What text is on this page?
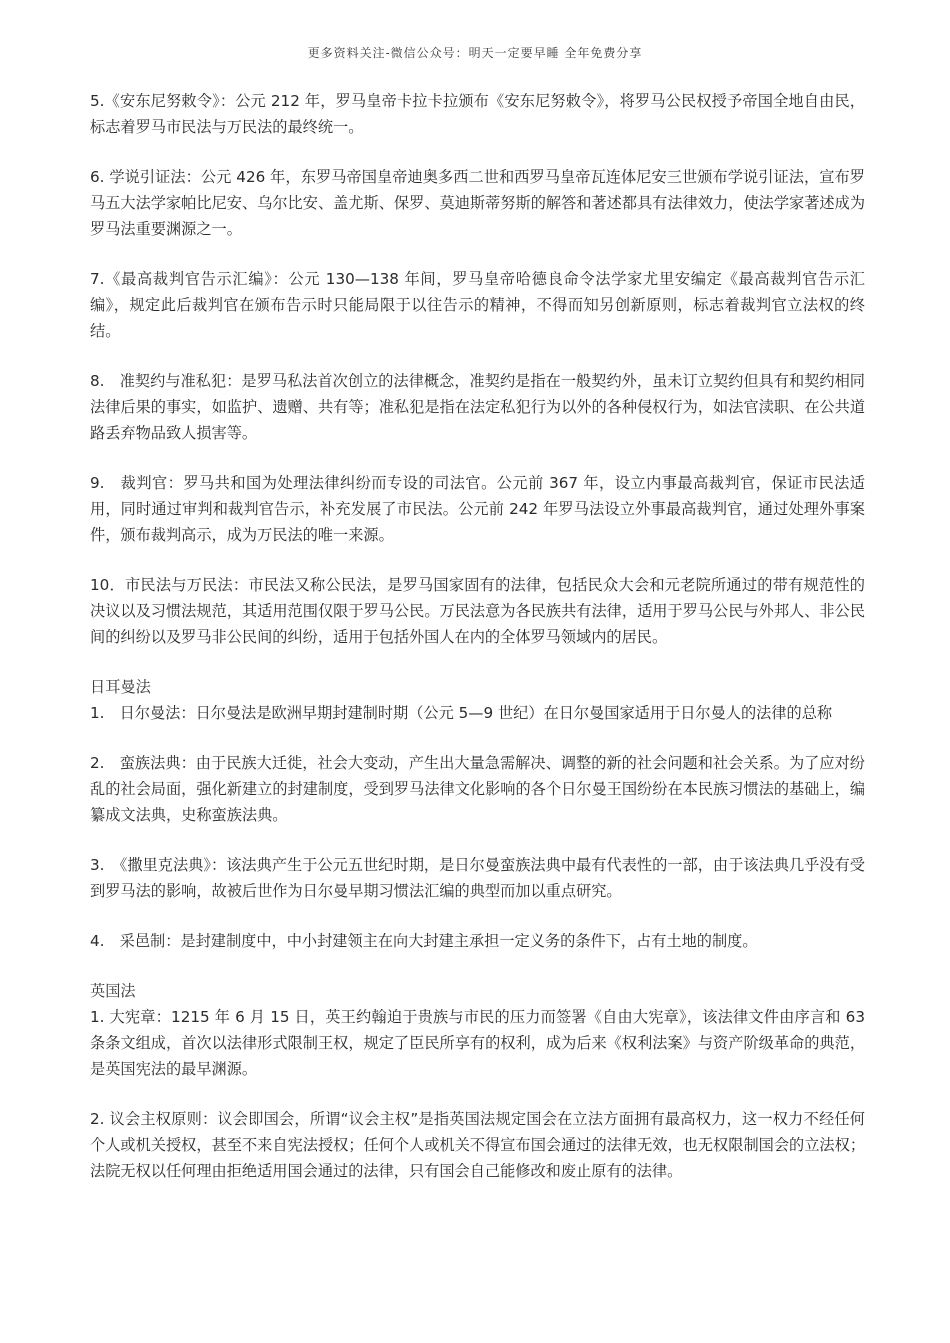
更多资料关注-微信公众号：明天一定要早睡 全年免费分享

5.《安东尼努敕令》：公元 212 年，罗马皇帝卡拉卡拉颁布《安东尼努敕令》，将罗马公民权授予帝国全地自由民，标志着罗马市民法与万民法的最终统一。

6. 学说引证法：公元 426 年，东罗马帝国皇帝迪奥多西二世和西罗马皇帝瓦连体尼安三世颁布学说引证法，宣布罗马五大法学家帕比尼安、乌尔比安、盖尤斯、保罗、莫迪斯蒂努斯的解答和著述都具有法律效力，使法学家著述成为罗马法重要渊源之一。

7.《最高裁判官告示汇编》：公元 130—138 年间，罗马皇帝哈德良命令法学家尤里安编定《最高裁判官告示汇编》，规定此后裁判官在颁布告示时只能局限于以往告示的精神，不得而知另创新原则，标志着裁判官立法权的终结。

8.　准契约与准私犯：是罗马私法首次创立的法律概念，准契约是指在一般契约外，虽未订立契约但具有和契约相同法律后果的事实，如监护、遗赠、共有等；准私犯是指在法定私犯行为以外的各种侵权行为，如法官渎职、在公共道路丢弃物品致人损害等。

9.　裁判官：罗马共和国为处理法律纠纷而专设的司法官。公元前 367 年，设立内事最高裁判官，保证市民法适用，同时通过审判和裁判官告示，补充发展了市民法。公元前 242 年罗马法设立外事最高裁判官，通过处理外事案件，颁布裁判高示，成为万民法的唯一来源。

10．市民法与万民法：市民法又称公民法，是罗马国家固有的法律，包括民众大会和元老院所通过的带有规范性的决议以及习惯法规范，其适用范围仅限于罗马公民。万民法意为各民族共有法律，适用于罗马公民与外邦人、非公民间的纠纷以及罗马非公民间的纠纷，适用于包括外国人在内的全体罗马领域内的居民。

日耳曼法

1.　日尔曼法：日尔曼法是欧洲早期封建制时期（公元 5—9 世纪）在日尔曼国家适用于日尔曼人的法律的总称

2.　蛮族法典：由于民族大迁徙，社会大变动，产生出大量急需解决、调整的新的社会问题和社会关系。为了应对纷乱的社会局面，强化新建立的封建制度，受到罗马法律文化影响的各个日尔曼王国纷纷在本民族习惯法的基础上，编纂成文法典，史称蛮族法典。

3.　《撒里克法典》：该法典产生于公元五世纪时期，是日尔曼蛮族法典中最有代表性的一部，由于该法典几乎没有受到罗马法的影响，故被后世作为日尔曼早期习惯法汇编的典型而加以重点研究。

4.　采邑制：是封建制度中，中小封建领主在向大封建主承担一定义务的条件下，占有土地的制度。

英国法

1. 大宪章：1215 年 6 月 15 日，英王约翰迫于贵族与市民的压力而签署《自由大宪章》，该法律文件由序言和 63 条条文组成，首次以法律形式限制王权，规定了臣民所享有的权利，成为后来《权利法案》与资产阶级革命的典范，是英国宪法的最早渊源。

2. 议会主权原则：议会即国会，所谓“议会主权”是指英国法规定国会在立法方面拥有最高权力，这一权力不经任何个人或机关授权，甚至不来自宪法授权；任何个人或机关不得宣布国会通过的法律无效，也无权限制国会的立法权；法院无权以任何理由拒绝适用国会通过的法律，只有国会自己能修改和废止原有的法律。
